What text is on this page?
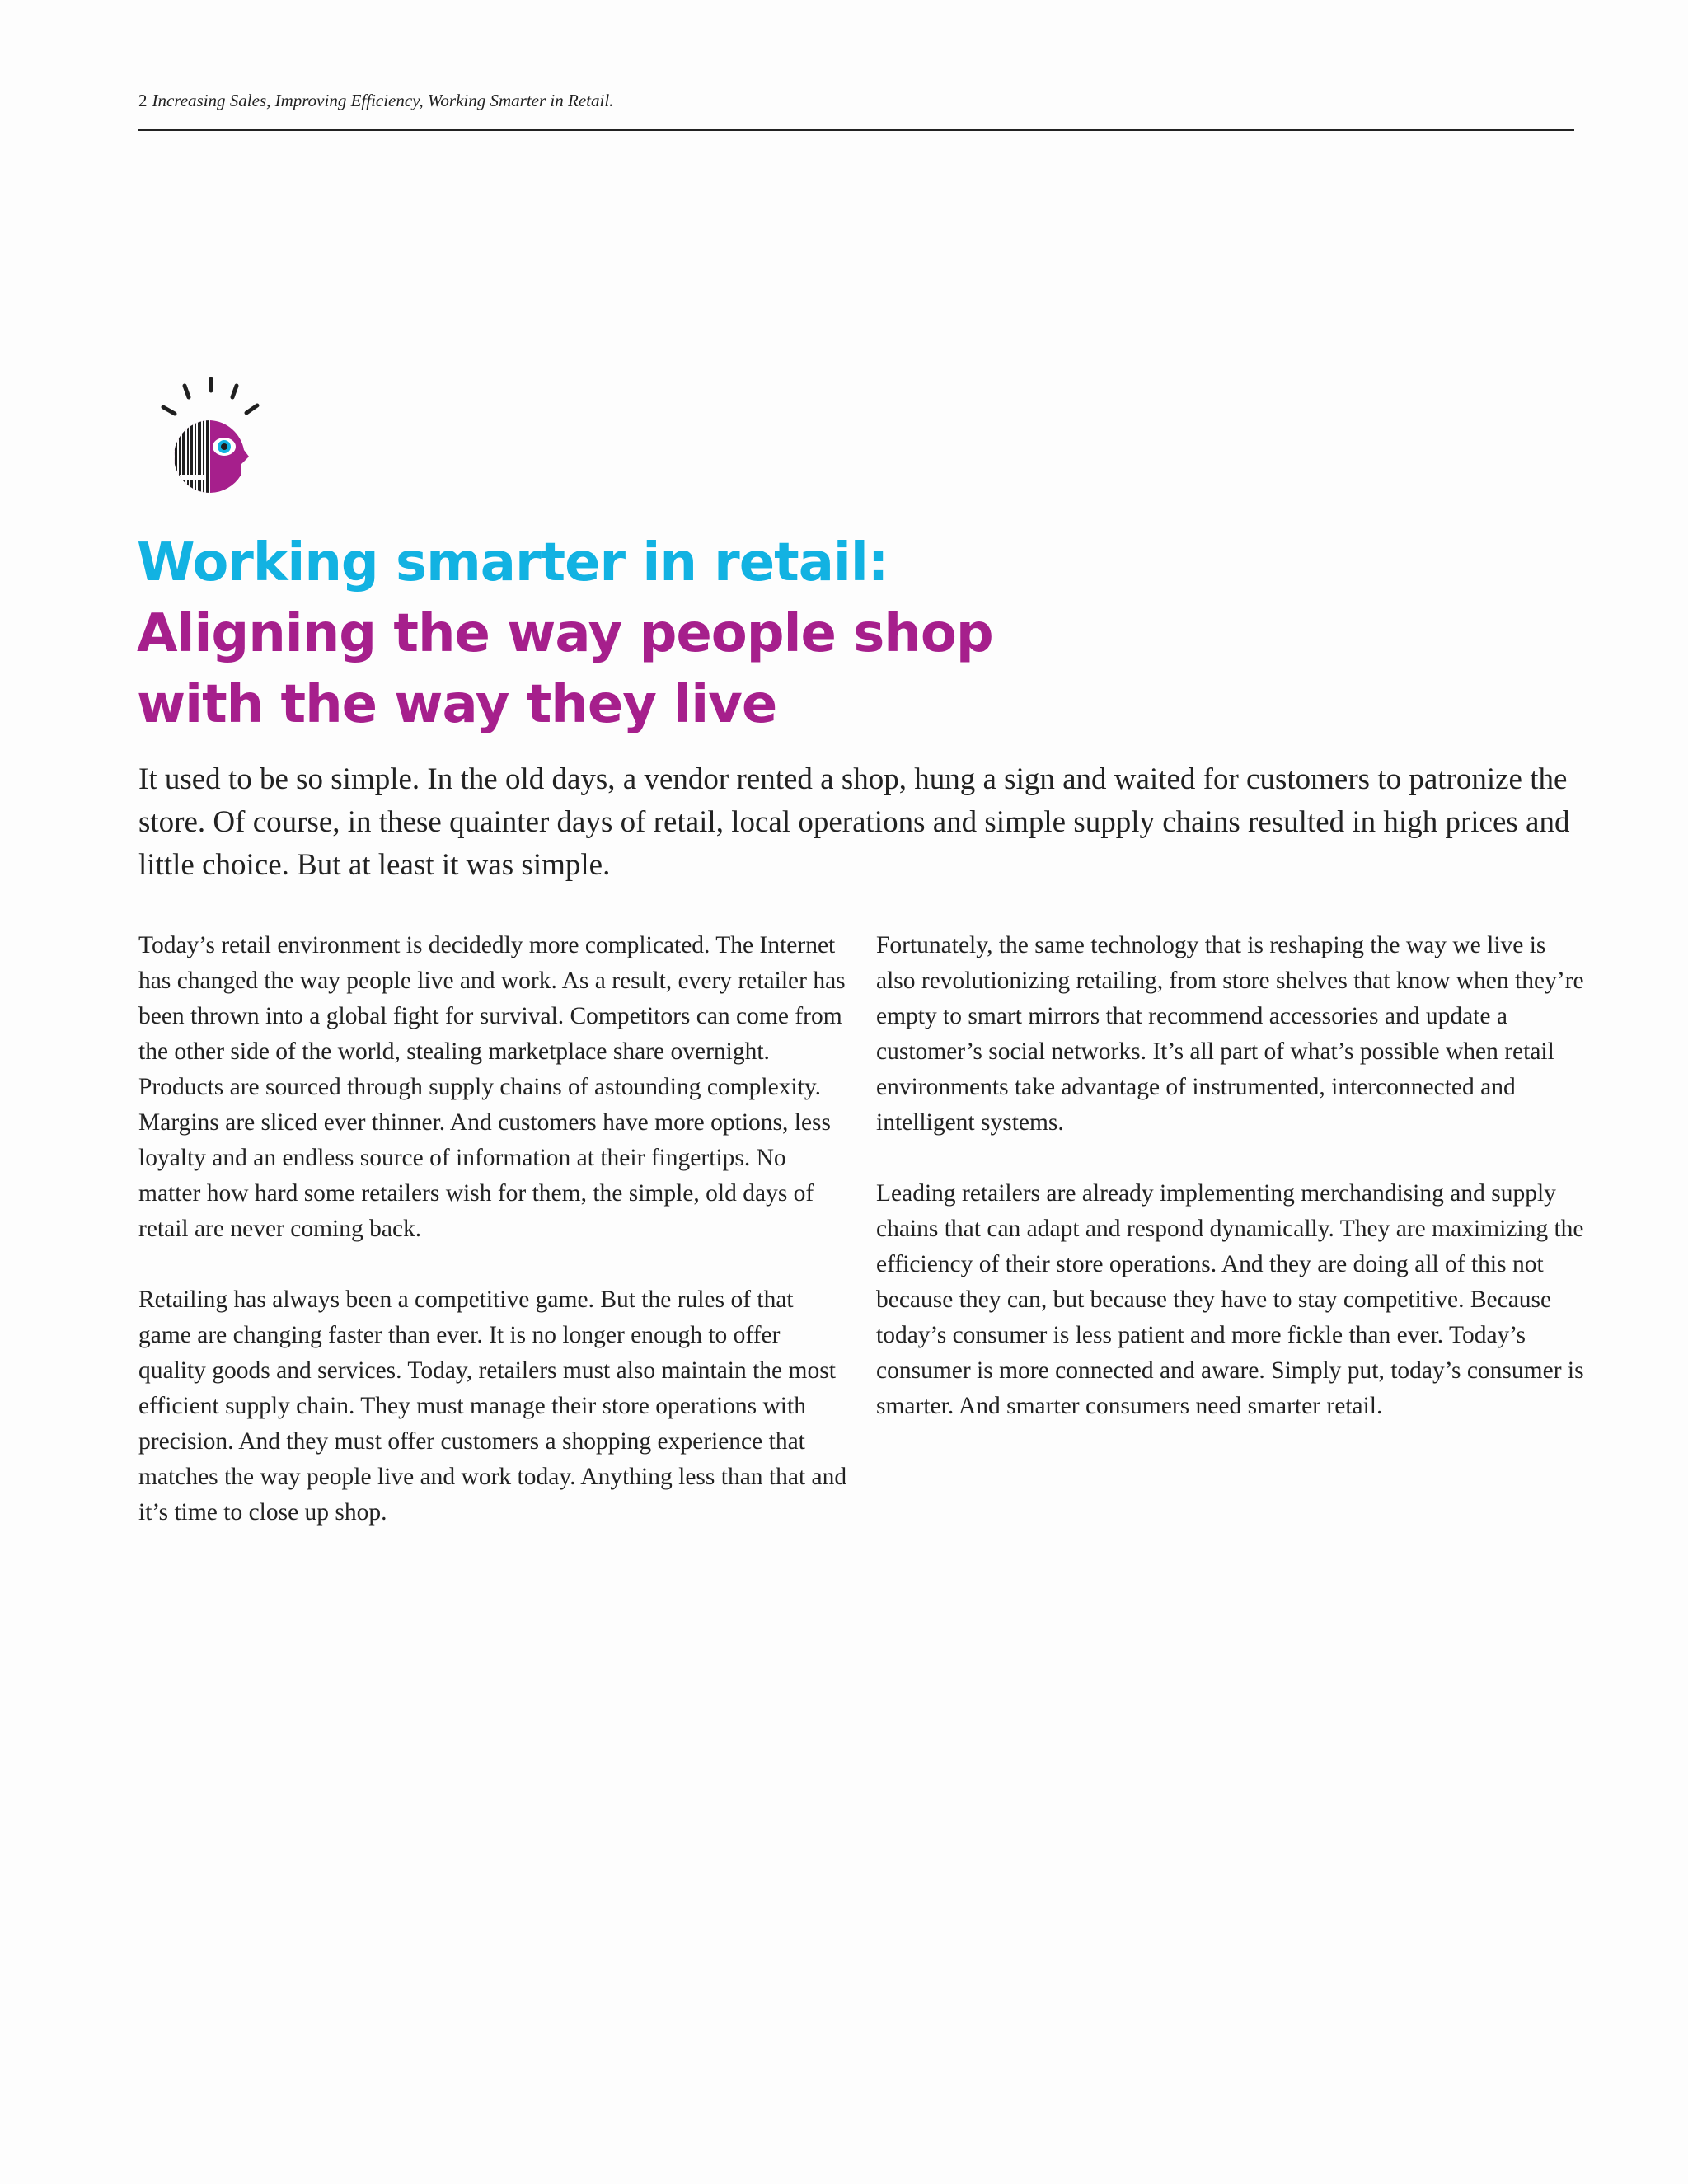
2 Increasing Sales, Improving Efficiency, Working Smarter in Retail.
Working smarter in retail:
Aligning the way people shop
with the way they live

It used to be so simple. In the old days, a vendor rented a shop, hung a sign and waited for customers to patronize the store. Of course, in these quainter days of retail, local operations and simple supply chains resulted in high prices and little choice. But at least it was simple.

Today’s retail environment is decidedly more complicated. The Internet has changed the way people live and work. As a result, every retailer has been thrown into a global fight for survival. Competitors can come from the other side of the world, stealing marketplace share overnight. Products are sourced through supply chains of astounding complexity. Margins are sliced ever thinner. And customers have more options, less loyalty and an endless source of information at their fingertips. No matter how hard some retailers wish for them, the simple, old days of retail are never coming back.

Retailing has always been a competitive game. But the rules of that game are changing faster than ever. It is no longer enough to offer quality goods and services. Today, retailers must also maintain the most efficient supply chain. They must manage their store operations with precision. And they must offer customers a shopping experience that matches the way people live and work today. Anything less than that and it’s time to close up shop.

Fortunately, the same technology that is reshaping the way we live is also revolutionizing retailing, from store shelves that know when they’re empty to smart mirrors that recommend accessories and update a customer’s social networks. It’s all part of what’s possible when retail environments take advantage of instrumented, interconnected and intelligent systems.

Leading retailers are already implementing merchandising and supply chains that can adapt and respond dynamically. They are maximizing the efficiency of their store operations. And they are doing all of this not because they can, but because they have to stay competitive. Because today’s consumer is less patient and more fickle than ever. Today’s consumer is more connected and aware. Simply put, today’s consumer is smarter. And smarter consumers need smarter retail.
